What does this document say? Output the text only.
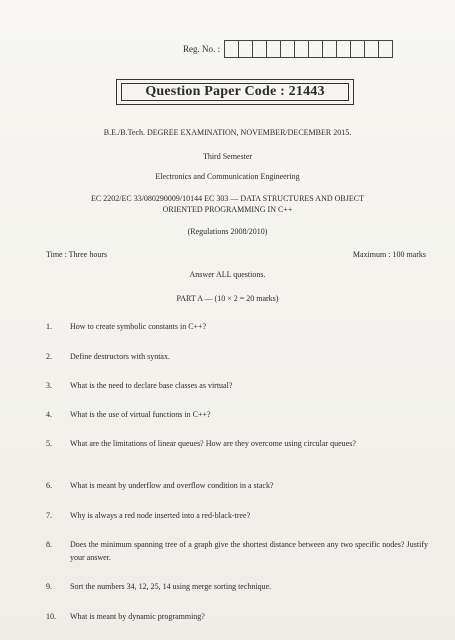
Reg. No. :
Question Paper Code : 21443
B.E./B.Tech. DEGREE EXAMINATION, NOVEMBER/DECEMBER 2015.
Third Semester
Electronics and Communication Engineering
EC 2202/EC 33/080290009/10144 EC 303 — DATA STRUCTURES AND OBJECT
ORIENTED PROGRAMMING IN C++
(Regulations 2008/2010)
Time : Three hours	Maximum : 100 marks
Answer ALL questions.
PART A — (10 × 2 = 20 marks)
1.	How to create symbolic constants in C++?
2.	Define destructors with syntax.
3.	What is the need to declare base classes as virtual?
4.	What is the use of virtual functions in C++?
5.	What are the limitations of linear queues? How are they overcome using circular queues?
6.	What is meant by underflow and overflow condition in a stack?
7.	Why is always a red node inserted into a red-black-tree?
8.	Does the minimum spanning tree of a graph give the shortest distance between any two specific nodes? Justify your answer.
9.	Sort the numbers 34, 12, 25, 14 using merge sorting technique.
10.	What is meant by dynamic programming?
